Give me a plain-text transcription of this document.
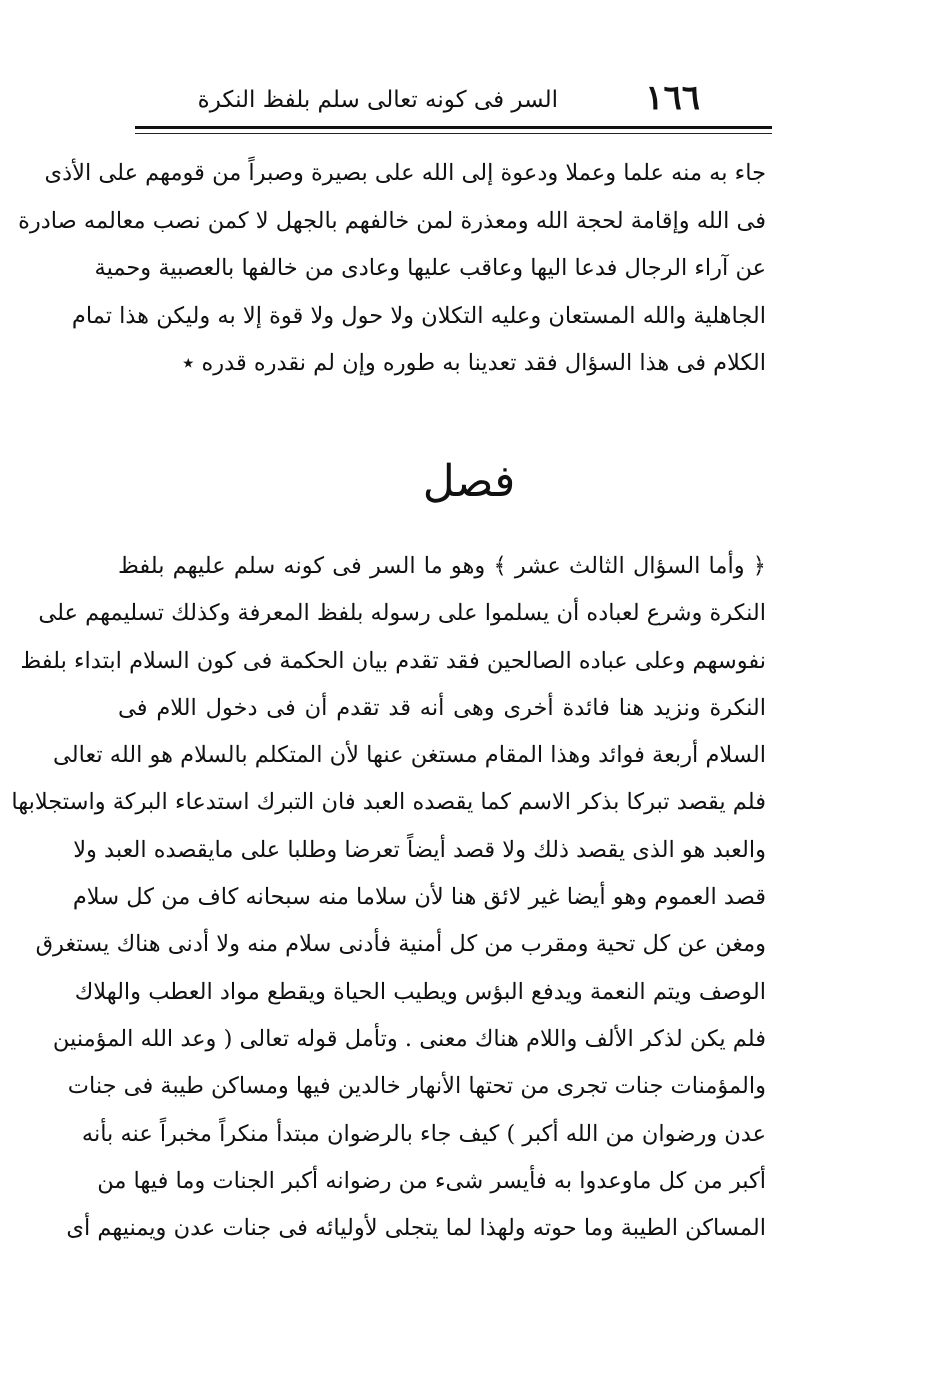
١٦٦
السر فى كونه تعالى سلم بلفظ النكرة
جاء به منه علما وعملا ودعوة إلى الله على بصيرة وصبراً من قومهم على الأذى
فى الله وإقامة لحجة الله ومعذرة لمن خالفهم بالجهل لا كمن نصب معالمه صادرة
عن آراء الرجال فدعا اليها وعاقب عليها وعادى من خالفها بالعصبية وحمية
الجاهلية والله المستعان وعليه التكلان ولا حول ولا قوة إلا به وليكن هذا تمام
الكلام فى هذا السؤال فقد تعدينا به طوره وإن لم نقدره قدره ٭
فصل
﴿ وأما السؤال الثالث عشر ﴾ وهو ما السر فى كونه سلم عليهم بلفظ
النكرة وشرع لعباده أن يسلموا على رسوله بلفظ المعرفة وكذلك تسليمهم على
نفوسهم وعلى عباده الصالحين فقد تقدم بيان الحكمة فى كون السلام ابتداء بلفظ
النكرة ونزيد هنا فائدة أخرى وهى أنه قد تقدم أن فى دخول اللام فى
السلام أربعة فوائد وهذا المقام مستغن عنها لأن المتكلم بالسلام هو الله تعالى
فلم يقصد تبركا بذكر الاسم كما يقصده العبد فان التبرك استدعاء البركة واستجلابها
والعبد هو الذى يقصد ذلك ولا قصد أيضاً تعرضا وطلبا على مايقصده العبد ولا
قصد العموم وهو أيضا غير لائق هنا لأن سلاما منه سبحانه كاف من كل سلام
ومغن عن كل تحية ومقرب من كل أمنية فأدنى سلام منه ولا أدنى هناك يستغرق
الوصف ويتم النعمة ويدفع البؤس ويطيب الحياة ويقطع مواد العطب والهلاك
فلم يكن لذكر الألف واللام هناك معنى . وتأمل قوله تعالى ( وعد الله المؤمنين
والمؤمنات جنات تجرى من تحتها الأنهار خالدين فيها ومساكن طيبة فى جنات
عدن ورضوان من الله أكبر ) كيف جاء بالرضوان مبتدأ منكراً مخبراً عنه بأنه
أكبر من كل ماوعدوا به فأيسر شىء من رضوانه أكبر الجنات وما فيها من
المساكن الطيبة وما حوته ولهذا لما يتجلى لأوليائه فى جنات عدن ويمنيهم أى
